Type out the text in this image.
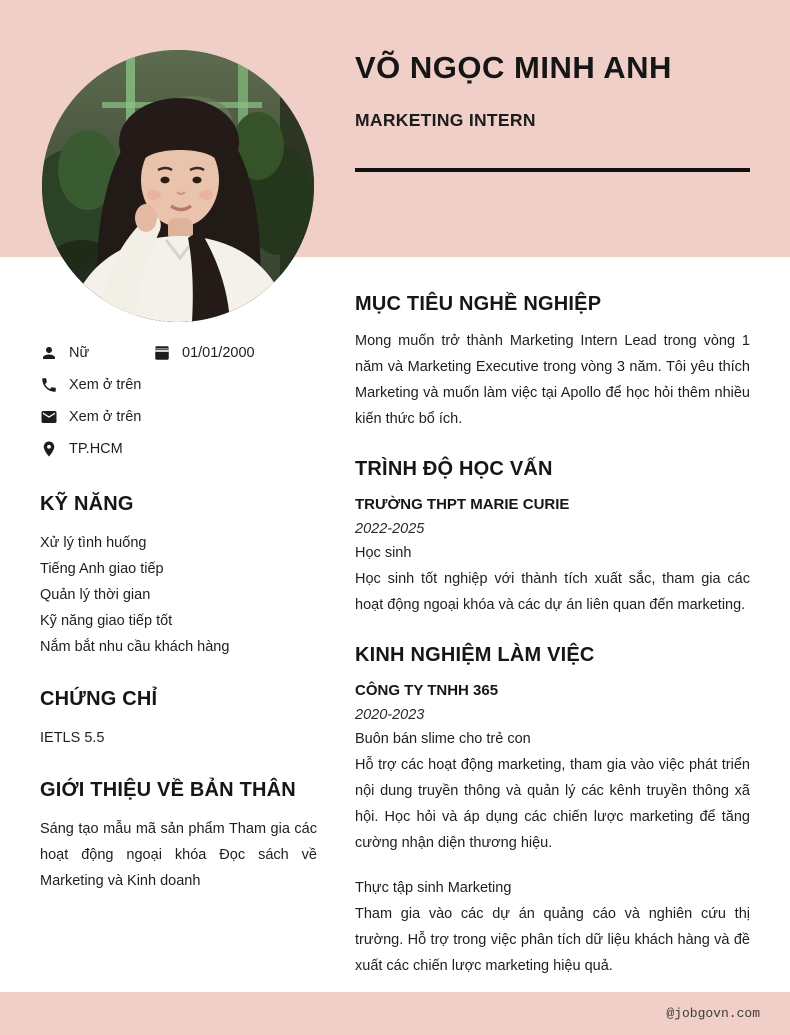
VÕ NGỌC MINH ANH
MARKETING INTERN
Nữ	01/01/2000
Xem ở trên
Xem ở trên
TP.HCM
KỸ NĂNG
Xử lý tình huống
Tiếng Anh giao tiếp
Quản lý thời gian
Kỹ năng giao tiếp tốt
Nắm bắt nhu cầu khách hàng
CHỨNG CHỈ
IETLS 5.5
GIỚI THIỆU VỀ BẢN THÂN
Sáng tạo mẫu mã sản phẩm Tham gia các hoạt động ngoại khóa Đọc sách về Marketing và Kinh doanh
MỤC TIÊU NGHỀ NGHIỆP

Mong muốn trở thành Marketing Intern Lead trong vòng 1 năm và Marketing Executive trong vòng 3 năm. Tôi yêu thích Marketing và muốn làm việc tại Apollo để học hỏi thêm nhiều kiến thức bổ ích.

TRÌNH ĐỘ HỌC VẤN
TRƯỜNG THPT MARIE CURIE
2022-2025
Học sinh

Học sinh tốt nghiệp với thành tích xuất sắc, tham gia các hoạt động ngoại khóa và các dự án liên quan đến marketing.

KINH NGHIỆM LÀM VIỆC
CÔNG TY TNHH 365
2020-2023
Buôn bán slime cho trẻ con

Hỗ trợ các hoạt động marketing, tham gia vào việc phát triển nội dung truyền thông và quản lý các kênh truyền thông xã hội. Học hỏi và áp dụng các chiến lược marketing để tăng cường nhận diện thương hiệu.

Thực tập sinh Marketing

Tham gia vào các dự án quảng cáo và nghiên cứu thị trường. Hỗ trợ trong việc phân tích dữ liệu khách hàng và đề xuất các chiến lược marketing hiệu quả.

@jobgovn.com
